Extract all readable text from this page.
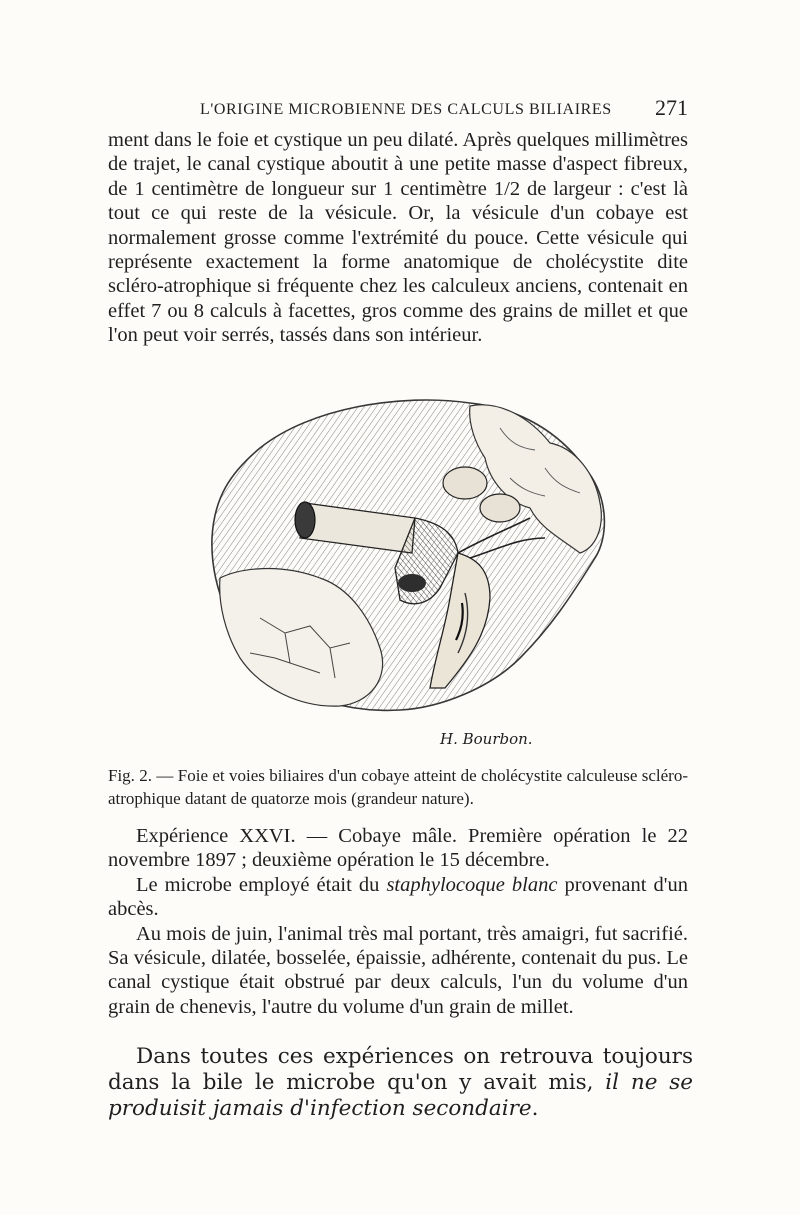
L'ORIGINE MICROBIENNE DES CALCULS BILIAIRES 271

ment dans le foie et cystique un peu dilaté. Après quelques millimètres de trajet, le canal cystique aboutit à une petite masse d'aspect fibreux, de 1 centimètre de longueur sur 1 centimètre 1/2 de largeur : c'est là tout ce qui reste de la vésicule. Or, la vésicule d'un cobaye est normalement grosse comme l'extrémité du pouce. Cette vésicule qui représente exactement la forme anatomique de cholécystite dite scléro-atrophique si fréquente chez les calculeux anciens, contenait en effet 7 ou 8 calculs à facettes, gros comme des grains de millet et que l'on peut voir serrés, tassés dans son intérieur.

H. Bourbon.

Fig. 2. — Foie et voies biliaires d'un cobaye atteint de cholécystite calculeuse scléro-atrophique datant de quatorze mois (grandeur nature).

Expérience XXVI. — Cobaye mâle. Première opération le 22 novembre 1897 ; deuxième opération le 15 décembre.

Le microbe employé était du staphylocoque blanc provenant d'un abcès.

Au mois de juin, l'animal très mal portant, très amaigri, fut sacrifié. Sa vésicule, dilatée, bosselée, épaissie, adhérente, contenait du pus. Le canal cystique était obstrué par deux calculs, l'un du volume d'un grain de chenevis, l'autre du volume d'un grain de millet.

Dans toutes ces expériences on retrouva toujours dans la bile le microbe qu'on y avait mis, il ne se produisit jamais d'infection secondaire.
